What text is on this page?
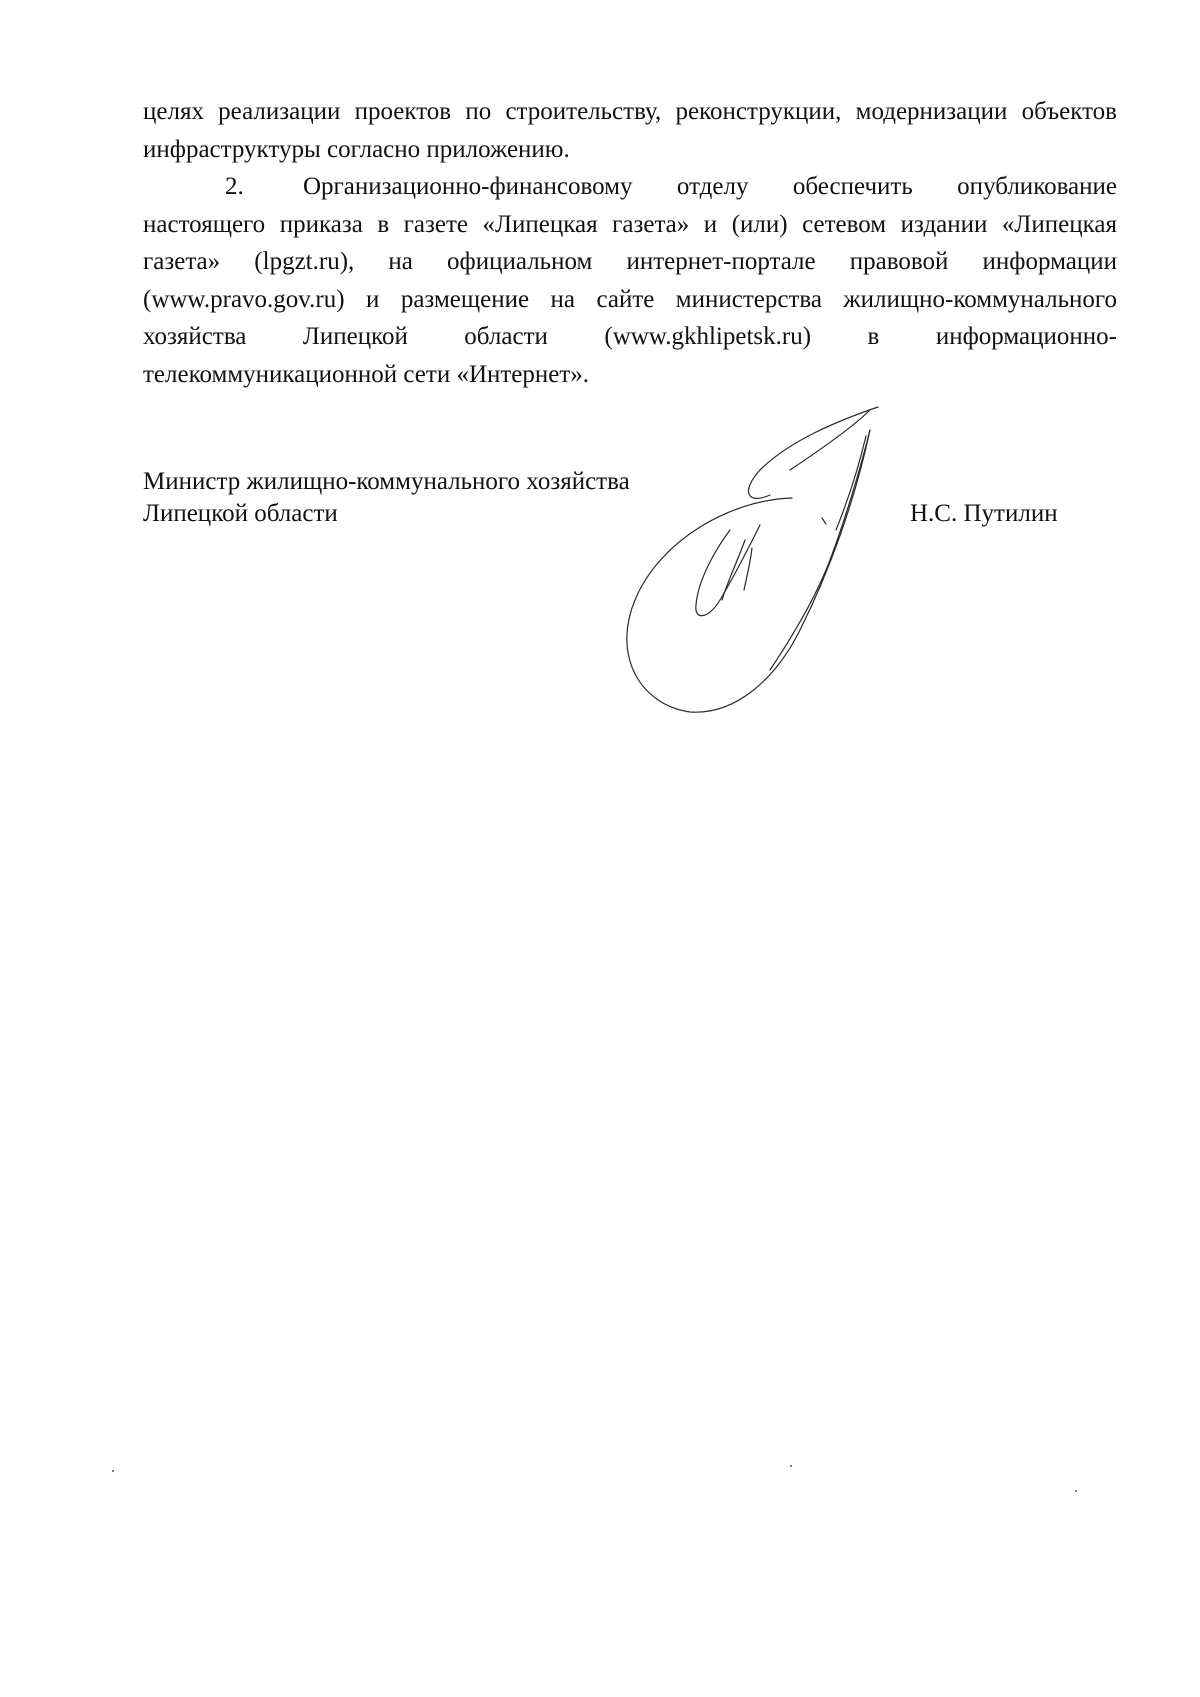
целях реализации проектов по строительству, реконструкции, модернизации объектов инфраструктуры согласно приложению.

2. Организационно-финансовому отделу обеспечить опубликование настоящего приказа в газете «Липецкая газета» и (или) сетевом издании «Липецкая газета» (lpgzt.ru), на официальном интернет-портале правовой информации (www.pravo.gov.ru) и размещение на сайте министерства жилищно-коммунального хозяйства Липецкой области (www.gkhlipetsk.ru) в информационно-телекоммуникационной сети «Интернет».

Министр жилищно-коммунального хозяйства
Липецкой области	Н.С. Путилин
